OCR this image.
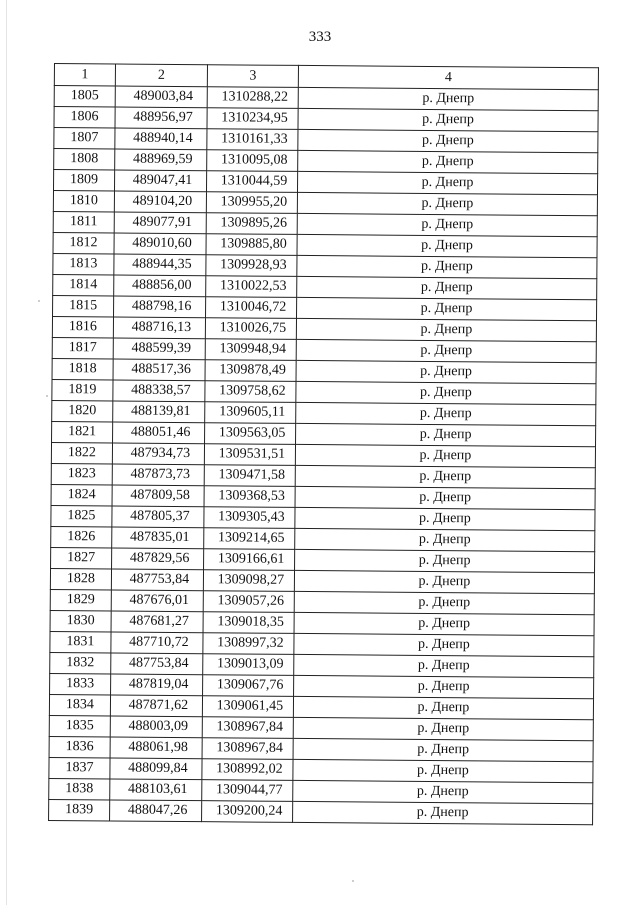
333
1	2	3	4
1805	489003,84	1310288,22	р. Днепр
1806	488956,97	1310234,95	р. Днепр
1807	488940,14	1310161,33	р. Днепр
1808	488969,59	1310095,08	р. Днепр
1809	489047,41	1310044,59	р. Днепр
1810	489104,20	1309955,20	р. Днепр
1811	489077,91	1309895,26	р. Днепр
1812	489010,60	1309885,80	р. Днепр
1813	488944,35	1309928,93	р. Днепр
1814	488856,00	1310022,53	р. Днепр
1815	488798,16	1310046,72	р. Днепр
1816	488716,13	1310026,75	р. Днепр
1817	488599,39	1309948,94	р. Днепр
1818	488517,36	1309878,49	р. Днепр
1819	488338,57	1309758,62	р. Днепр
1820	488139,81	1309605,11	р. Днепр
1821	488051,46	1309563,05	р. Днепр
1822	487934,73	1309531,51	р. Днепр
1823	487873,73	1309471,58	р. Днепр
1824	487809,58	1309368,53	р. Днепр
1825	487805,37	1309305,43	р. Днепр
1826	487835,01	1309214,65	р. Днепр
1827	487829,56	1309166,61	р. Днепр
1828	487753,84	1309098,27	р. Днепр
1829	487676,01	1309057,26	р. Днепр
1830	487681,27	1309018,35	р. Днепр
1831	487710,72	1308997,32	р. Днепр
1832	487753,84	1309013,09	р. Днепр
1833	487819,04	1309067,76	р. Днепр
1834	487871,62	1309061,45	р. Днепр
1835	488003,09	1308967,84	р. Днепр
1836	488061,98	1308967,84	р. Днепр
1837	488099,84	1308992,02	р. Днепр
1838	488103,61	1309044,77	р. Днепр
1839	488047,26	1309200,24	р. Днепр
